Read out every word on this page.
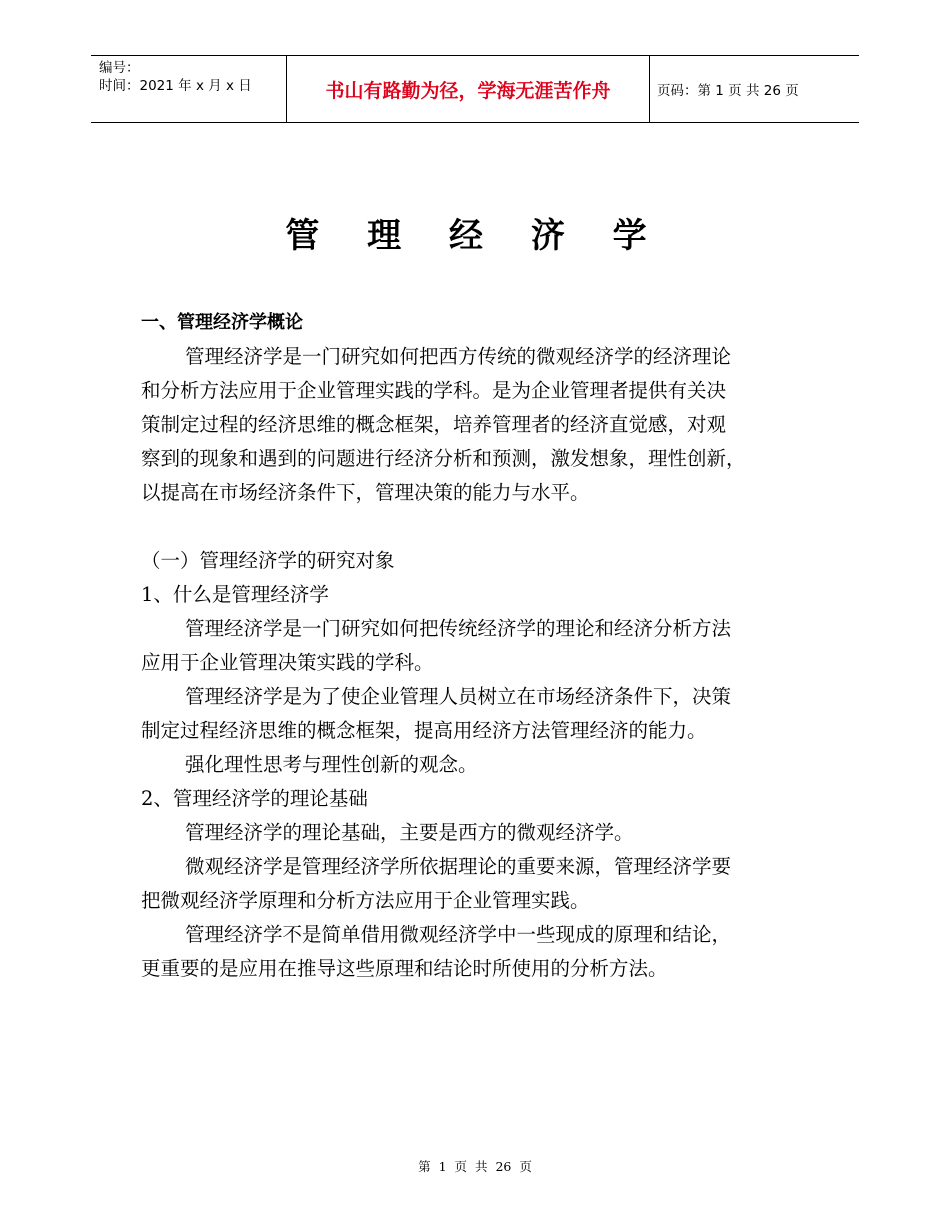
编号：
时间：2021 年 x 月 x 日	书山有路勤为径，学海无涯苦作舟	页码：第 1 页 共 26 页
管 理 经 济 学
一、管理经济学概论
管理经济学是一门研究如何把西方传统的微观经济学的经济理论
和分析方法应用于企业管理实践的学科。是为企业管理者提供有关决
策制定过程的经济思维的概念框架，培养管理者的经济直觉感，对观
察到的现象和遇到的问题进行经济分析和预测，激发想象，理性创新，
以提高在市场经济条件下，管理决策的能力与水平。
（一）管理经济学的研究对象
1、什么是管理经济学
管理经济学是一门研究如何把传统经济学的理论和经济分析方法
应用于企业管理决策实践的学科。
管理经济学是为了使企业管理人员树立在市场经济条件下，决策
制定过程经济思维的概念框架，提高用经济方法管理经济的能力。
强化理性思考与理性创新的观念。
2、管理经济学的理论基础
管理经济学的理论基础，主要是西方的微观经济学。
微观经济学是管理经济学所依据理论的重要来源，管理经济学要
把微观经济学原理和分析方法应用于企业管理实践。
管理经济学不是简单借用微观经济学中一些现成的原理和结论，
更重要的是应用在推导这些原理和结论时所使用的分析方法。
第 1 页 共 26 页
